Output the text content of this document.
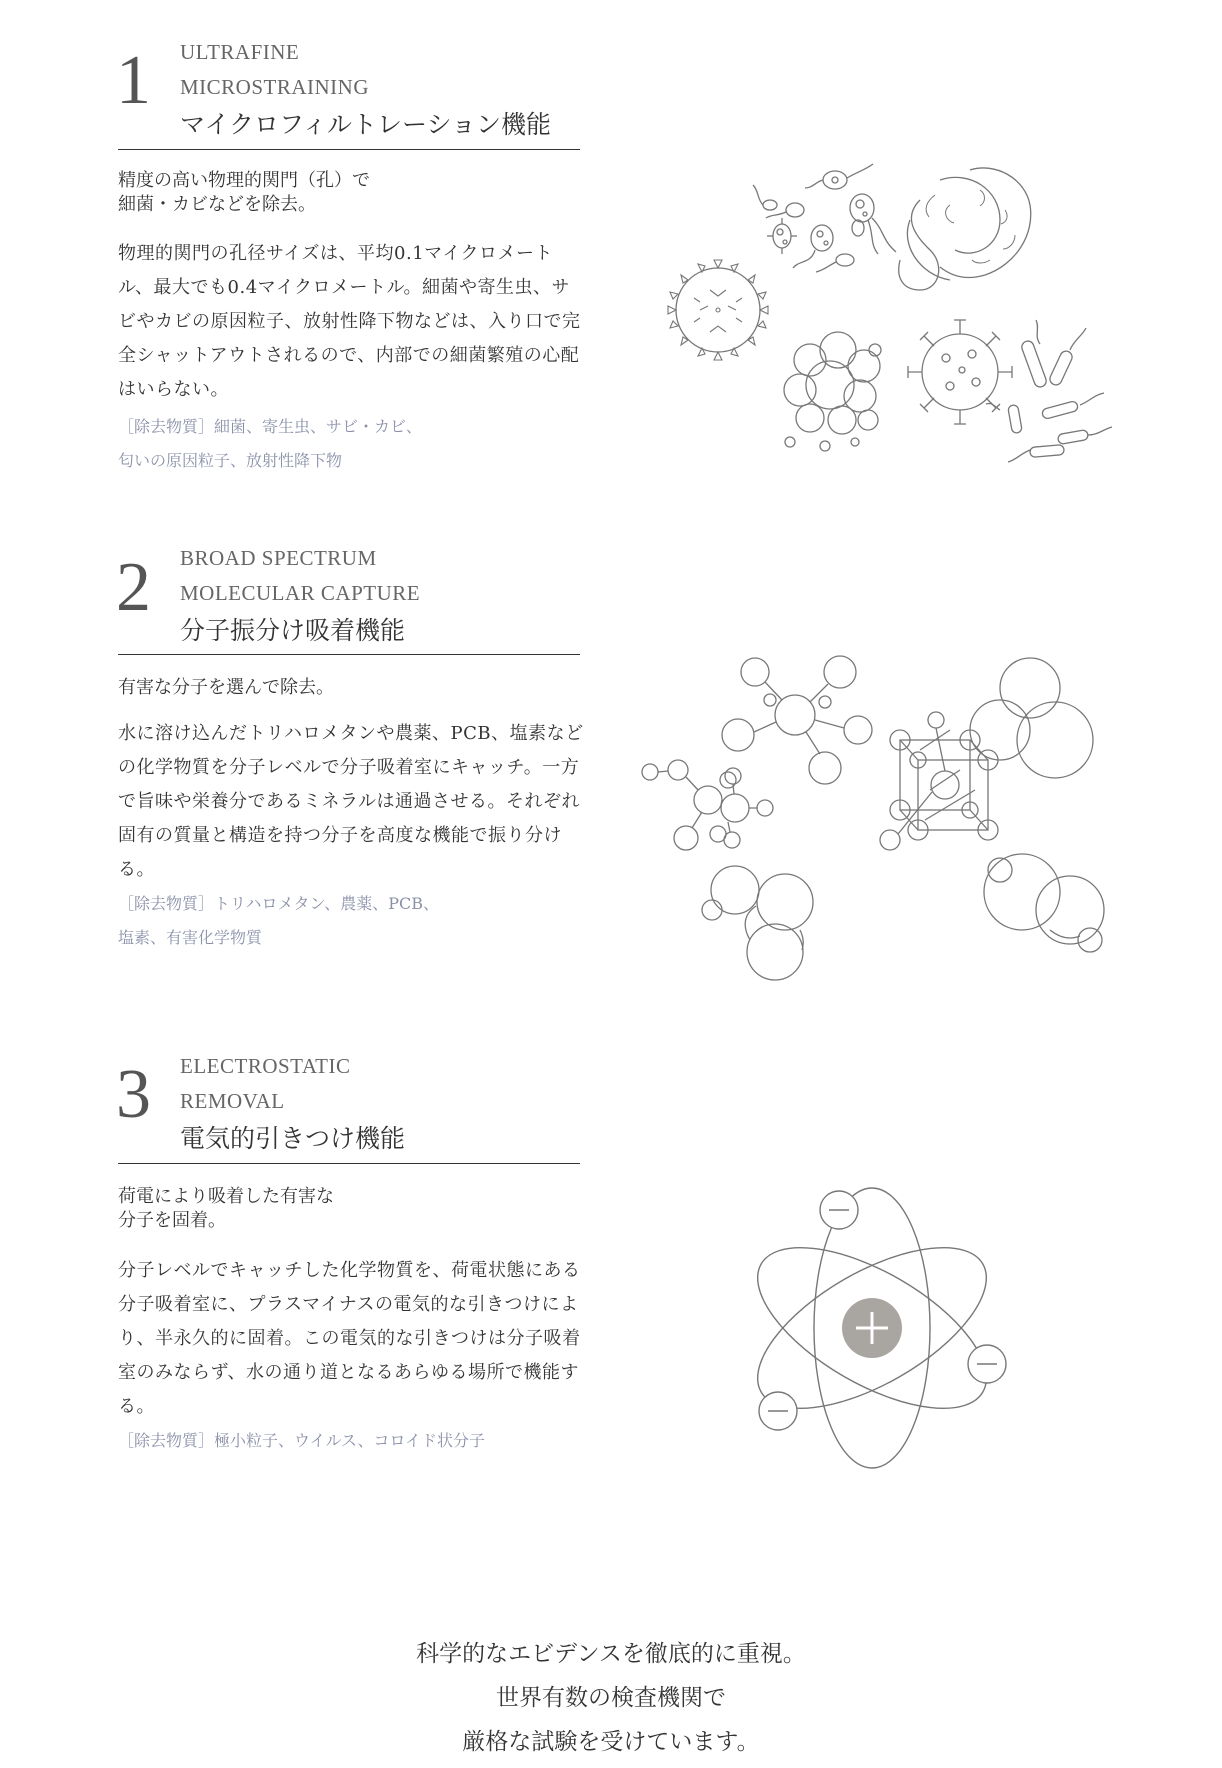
1 ULTRAFINE
MICROSTRAINING
マイクロフィルトレーション機能
精度の高い物理的関門（孔）で
細菌・カビなどを除去。
物理的関門の孔径サイズは、平均0.1マイクロメートル、最大でも0.4マイクロメートル。細菌や寄生虫、サビやカビの原因粒子、放射性降下物などは、入り口で完全シャットアウトされるので、内部での細菌繁殖の心配はいらない。
［除去物質］細菌、寄生虫、サビ・カビ、
匂いの原因粒子、放射性降下物
2 BROAD SPECTRUM
MOLECULAR CAPTURE
分子振分け吸着機能
有害な分子を選んで除去。
水に溶け込んだトリハロメタンや農薬、PCB、塩素などの化学物質を分子レベルで分子吸着室にキャッチ。一方で旨味や栄養分であるミネラルは通過させる。それぞれ固有の質量と構造を持つ分子を高度な機能で振り分ける。
［除去物質］トリハロメタン、農薬、PCB、
塩素、有害化学物質
3 ELECTROSTATIC
REMOVAL
電気的引きつけ機能
荷電により吸着した有害な
分子を固着。
分子レベルでキャッチした化学物質を、荷電状態にある分子吸着室に、プラスマイナスの電気的な引きつけにより、半永久的に固着。この電気的な引きつけは分子吸着室のみならず、水の通り道となるあらゆる場所で機能する。
［除去物質］極小粒子、ウイルス、コロイド状分子
科学的なエビデンスを徹底的に重視。
世界有数の検査機関で
厳格な試験を受けています。
